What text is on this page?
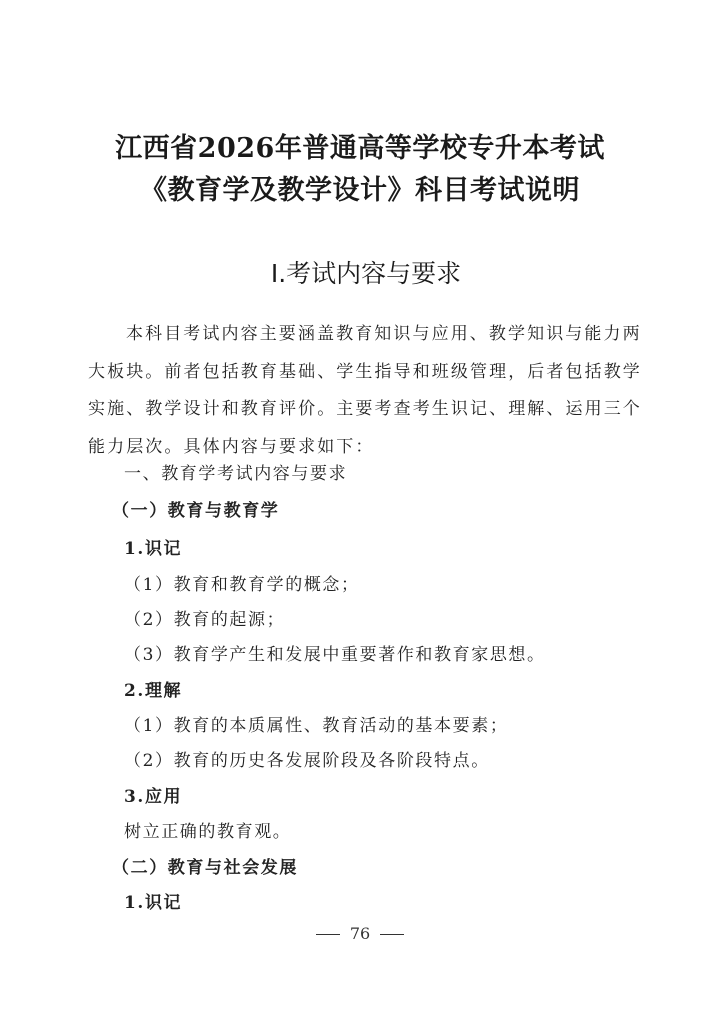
江西省2026年普通高等学校专升本考试
《教育学及教学设计》科目考试说明
Ⅰ.考试内容与要求

本科目考试内容主要涵盖教育知识与应用、教学知识与能力两大板块。前者包括教育基础、学生指导和班级管理，后者包括教学实施、教学设计和教育评价。主要考查考生识记、理解、运用三个能力层次。具体内容与要求如下：

一、教育学考试内容与要求
（一）教育与教育学
1.识记
（1）教育和教育学的概念；
（2）教育的起源；
（3）教育学产生和发展中重要著作和教育家思想。
2.理解
（1）教育的本质属性、教育活动的基本要素；
（2）教育的历史各发展阶段及各阶段特点。
3.应用
树立正确的教育观。
（二）教育与社会发展
1.识记
76
